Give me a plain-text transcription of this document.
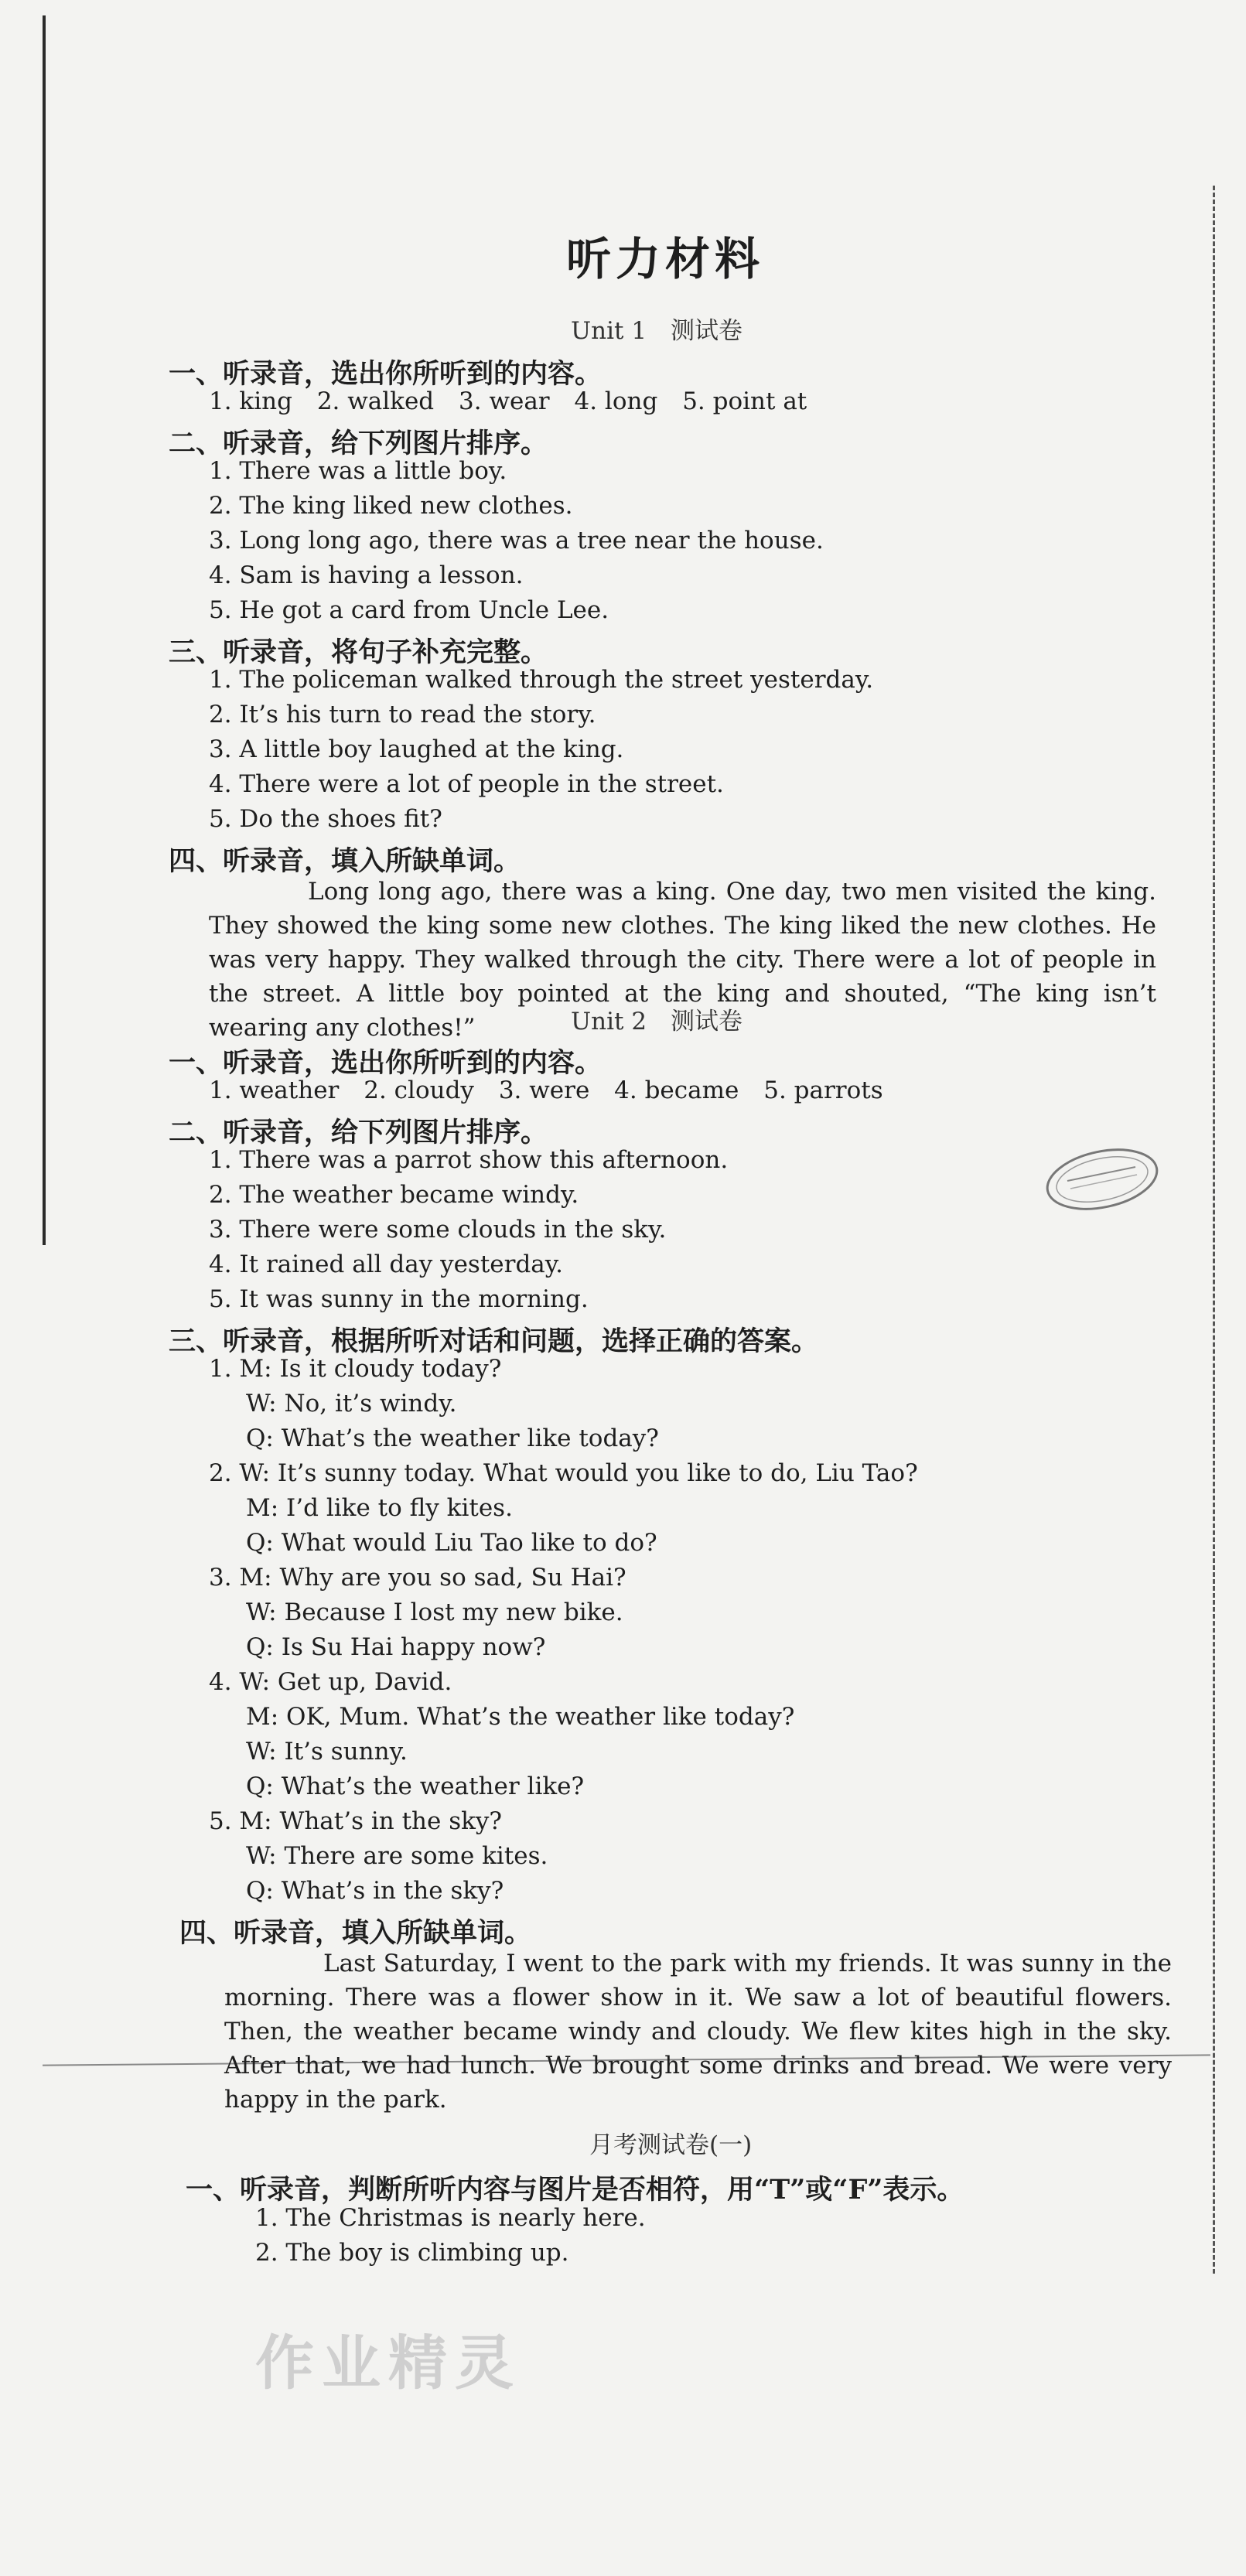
听力材料
Unit 1　测试卷
一、听录音，选出你所听到的内容。
1. king 2. walked 3. wear 4. long 5. point at
二、听录音，给下列图片排序。
1. There was a little boy.
2. The king liked new clothes.
3. Long long ago, there was a tree near the house.
4. Sam is having a lesson.
5. He got a card from Uncle Lee.
三、听录音，将句子补充完整。
1. The policeman walked through the street yesterday.
2. It’s his turn to read the story.
3. A little boy laughed at the king.
4. There were a lot of people in the street.
5. Do the shoes fit?
四、听录音，填入所缺单词。
Long long ago, there was a king. One day, two men visited the king. They showed the king some new clothes. The king liked the new clothes. He was very happy. They walked through the city. There were a lot of people in the street. A little boy pointed at the king and shouted, “The king isn’t wearing any clothes!”	Unit 2　测试卷
一、听录音，选出你所听到的内容。
1. weather 2. cloudy 3. were 4. became 5. parrots
二、听录音，给下列图片排序。
1. There was a parrot show this afternoon.
2. The weather became windy.
3. There were some clouds in the sky.
4. It rained all day yesterday.
5. It was sunny in the morning.
三、听录音，根据所听对话和问题，选择正确的答案。
1. M: Is it cloudy today?
W: No, it’s windy.
Q: What’s the weather like today?
2. W: It’s sunny today. What would you like to do, Liu Tao?
M: I’d like to fly kites.
Q: What would Liu Tao like to do?
3. M: Why are you so sad, Su Hai?
W: Because I lost my new bike.
Q: Is Su Hai happy now?
4. W: Get up, David.
M: OK, Mum. What’s the weather like today?
W: It’s sunny.
Q: What’s the weather like?
5. M: What’s in the sky?
W: There are some kites.
Q: What’s in the sky?
四、听录音，填入所缺单词。
Last Saturday, I went to the park with my friends. It was sunny in the morning. There was a flower show in it. We saw a lot of beautiful flowers. Then, the weather became windy and cloudy. We flew kites high in the sky. After that, we had lunch. We brought some drinks and bread. We were very happy in the park.
月考测试卷(一)
一、听录音，判断所听内容与图片是否相符，用“T”或“F”表示。
1. The Christmas is nearly here.
2. The boy is climbing up.
作业精灵
